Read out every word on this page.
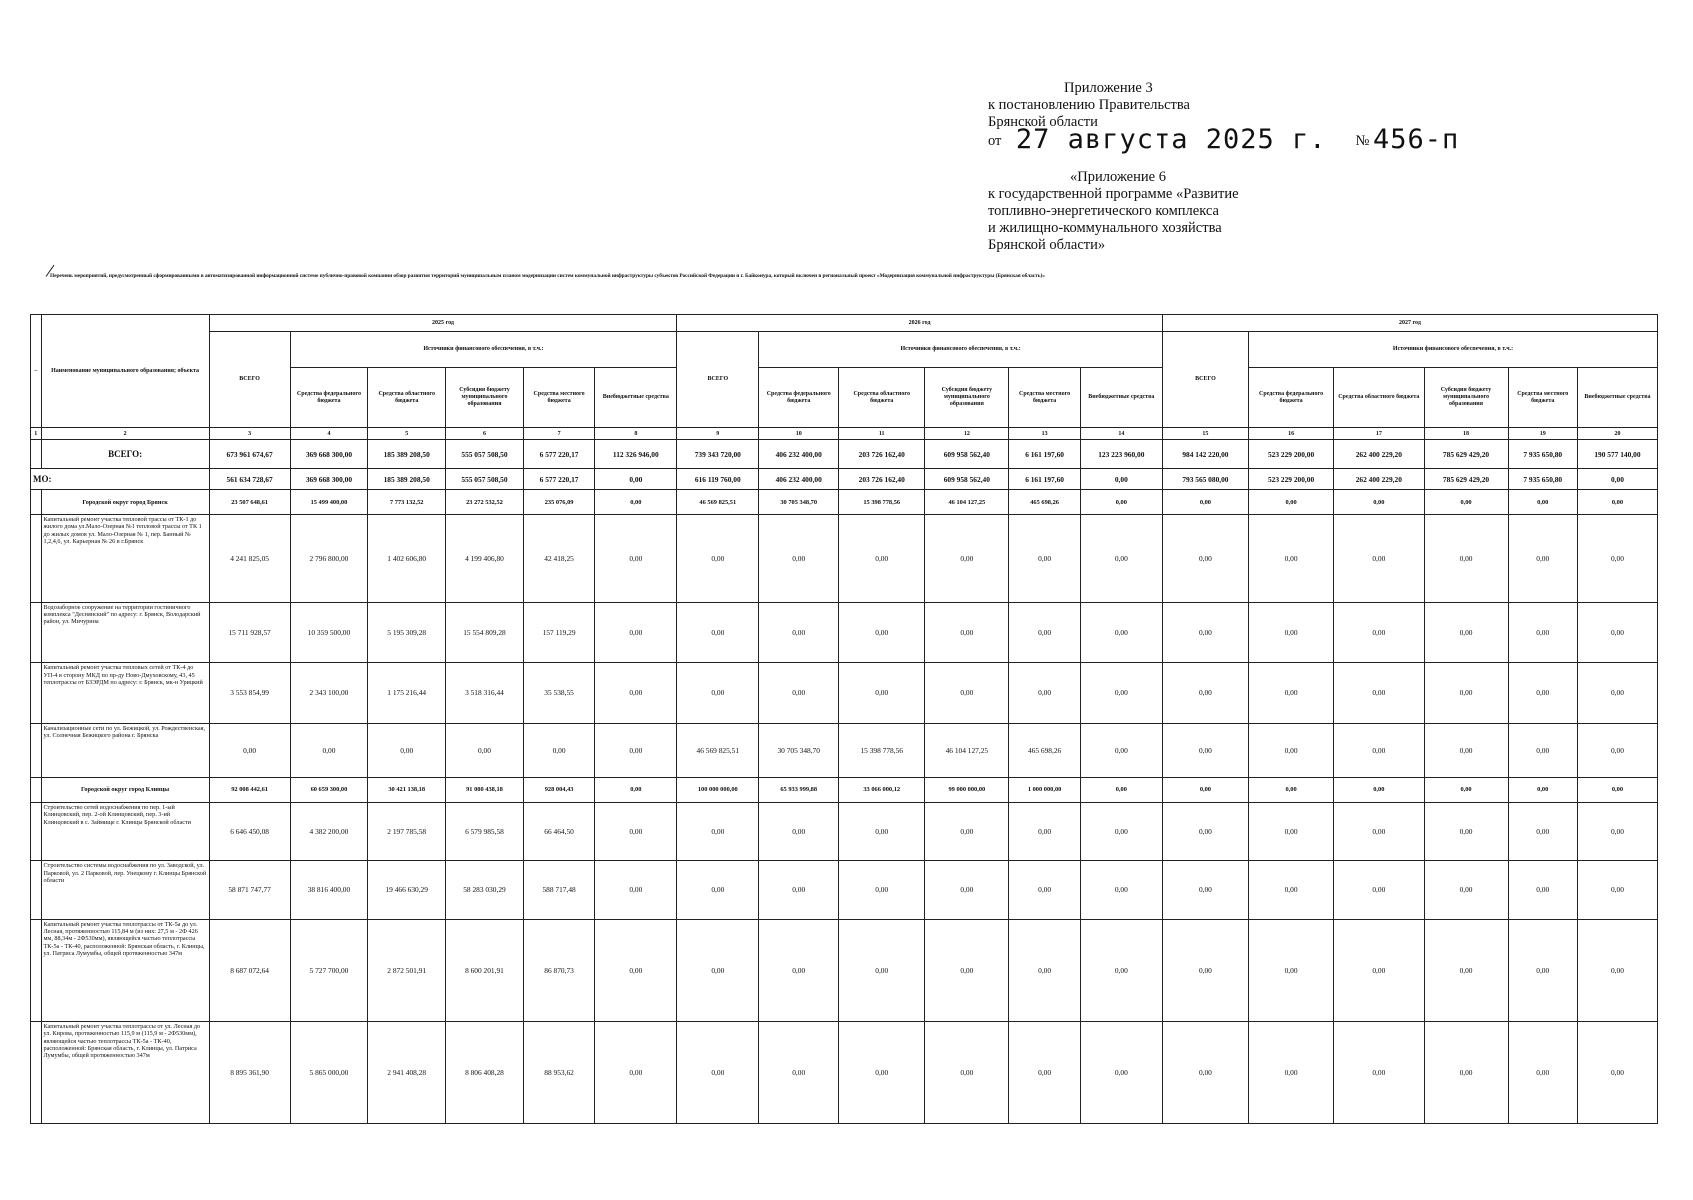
Приложение 3
к постановлению Правительства
Брянской области
от 27 августа 2025 г. № 456-п
«Приложение 6
к государственной программе «Развитие
топливно-энергетического комплекса
и жилищно-коммунального хозяйства
Брянской области»
Перечень мероприятий, предусмотренный сформированными в автоматизированной информационной системе публично-правовой компании обзор развития территорий муниципальным планом модернизации систем коммунальной инфраструктуры субъектов Российской Федерации и г. Байконура, который включен в региональный проект «Модернизация коммунальной инфраструктуры (Брянская область)»
–	Наименование муниципального образования; объекта	2025 год						2026 год						2027 год					
		ВСЕГО	Источники финансового обеспечения, в т.ч.:					ВСЕГО	Источники финансового обеспечения, в т.ч.:					ВСЕГО	Источники финансового обеспечения, в т.ч.:				
			Средства федерального бюджета	Средства областного бюджета	Субсидия бюджету муниципального образования	Средства местного бюджета	Внебюджетные средства		Средства федерального бюджета	Средства областного бюджета	Субсидия бюджету муниципального образования	Средства местного бюджета	Внебюджетные средства		Средства федерального бюджета	Средства областного бюджета	Субсидия бюджету муниципального образования	Средства местного бюджета	Внебюджетные средства
1	2	3	4	5	6	7	8	9	10	11	12	13	14	15	16	17	18	19	20
	ВСЕГО:	673 961 674,67	369 668 300,00	185 389 208,50	555 057 508,50	6 577 220,17	112 326 946,00	739 343 720,00	406 232 400,00	203 726 162,40	609 958 562,40	6 161 197,60	123 223 960,00	984 142 220,00	523 229 200,00	262 400 229,20	785 629 429,20	7 935 650,80	190 577 140,00
МО:		561 634 728,67	369 668 300,00	185 389 208,50	555 057 508,50	6 577 220,17	0,00	616 119 760,00	406 232 400,00	203 726 162,40	609 958 562,40	6 161 197,60	0,00	793 565 080,00	523 229 200,00	262 400 229,20	785 629 429,20	7 935 650,80	0,00
	Городской округ город Брянск	23 507 648,61	15 499 400,00	7 773 132,52	23 272 532,52	235 076,09	0,00	46 569 825,51	30 705 348,70	15 398 778,56	46 104 127,25	465 698,26	0,00	0,00	0,00	0,00	0,00	0,00	0,00
	Капитальный ремонт участка тепловой трассы от ТК-1 до жилого дома ул.Мало-Озерная №1 тепловой трассы от ТК 1 до жилых домов ул. Мало-Озерная № 1, пер. Банный № 1,2,4,6, ул. Карьерная № 26 в г.Брянск	4 241 825,05	2 796 800,00	1 402 606,80	4 199 406,80	42 418,25	0,00	0,00	0,00	0,00	0,00	0,00	0,00	0,00	0,00	0,00	0,00	0,00	0,00
	Водозаборное сооружение на территории гостиничного комплекса "Деснянский" по адресу: г. Брянск, Володарский район, ул. Мичурина	15 711 928,57	10 359 500,00	5 195 309,28	15 554 809,28	157 119,29	0,00	0,00	0,00	0,00	0,00	0,00	0,00	0,00	0,00	0,00	0,00	0,00	0,00
	Капитальный ремонт участка тепловых сетей от ТК-4 до УП-4 в сторону МКД по пр-ду Ново-Дмуховскому, 43, 45 теплотрассы от БЗЭРДМ по адресу: г. Брянск, мк-н Урицкий	3 553 854,99	2 343 100,00	1 175 216,44	3 518 316,44	35 538,55	0,00	0,00	0,00	0,00	0,00	0,00	0,00	0,00	0,00	0,00	0,00	0,00	0,00
	Канализационные сети по ул. Бежицкой, ул. Рождественская, ул. Солнечная Бежицкого района г. Брянска	0,00	0,00	0,00	0,00	0,00	0,00	46 569 825,51	30 705 348,70	15 398 778,56	46 104 127,25	465 698,26	0,00	0,00	0,00	0,00	0,00	0,00	0,00
	Городской округ город Клинцы	92 008 442,61	60 659 300,00	30 421 138,18	91 080 438,18	928 004,43	0,00	100 000 000,00	65 933 999,88	33 066 000,12	99 000 000,00	1 000 000,00	0,00	0,00	0,00	0,00	0,00	0,00	0,00
	Строительство сетей водоснабжения по пер. 1-ый Клинцовский, пер. 2-ой Клинцовский, пер. 3-ий Клинцовский в с. Займище г. Клинцы Брянской области	6 646 450,08	4 382 200,00	2 197 785,58	6 579 985,58	66 464,50	0,00	0,00	0,00	0,00	0,00	0,00	0,00	0,00	0,00	0,00	0,00	0,00	0,00
	Строительство системы водоснабжения по ул. Заводской, ул. Парковой, ул. 2 Парковой, пер. Унецкому г. Клинцы Брянской области	58 871 747,77	38 816 400,00	19 466 630,29	58 283 030,29	588 717,48	0,00	0,00	0,00	0,00	0,00	0,00	0,00	0,00	0,00	0,00	0,00	0,00	0,00
	Капитальный ремонт участка теплотрассы от ТК-5а до ул. Лесная, протяженностью 115,84 м (из них: 27,5 м - 2Ф 426 мм, 88,34м - 2Ф530мм), являющейся частью теплотрассы ТК-5а - ТК-40, расположенной: Брянская область, г. Клинцы, ул. Патриса Лумумбы, общей протяженностью 347м	8 687 072,64	5 727 700,00	2 872 501,91	8 600 201,91	86 870,73	0,00	0,00	0,00	0,00	0,00	0,00	0,00	0,00	0,00	0,00	0,00	0,00	0,00
	Капитальный ремонт участка теплотрассы от ул. Лесная до ул. Кирова, протяженностью 115,9 м (115,9 м - 2Ф530мм), являющейся частью теплотрассы ТК-5а - ТК-40, расположенной: Брянская область, г. Клинцы, ул. Патриса Лумумбы, общей протяженностью 347м	8 895 361,90	5 865 000,00	2 941 408,28	8 806 408,28	88 953,62	0,00	0,00	0,00	0,00	0,00	0,00	0,00	0,00	0,00	0,00	0,00	0,00	0,00
